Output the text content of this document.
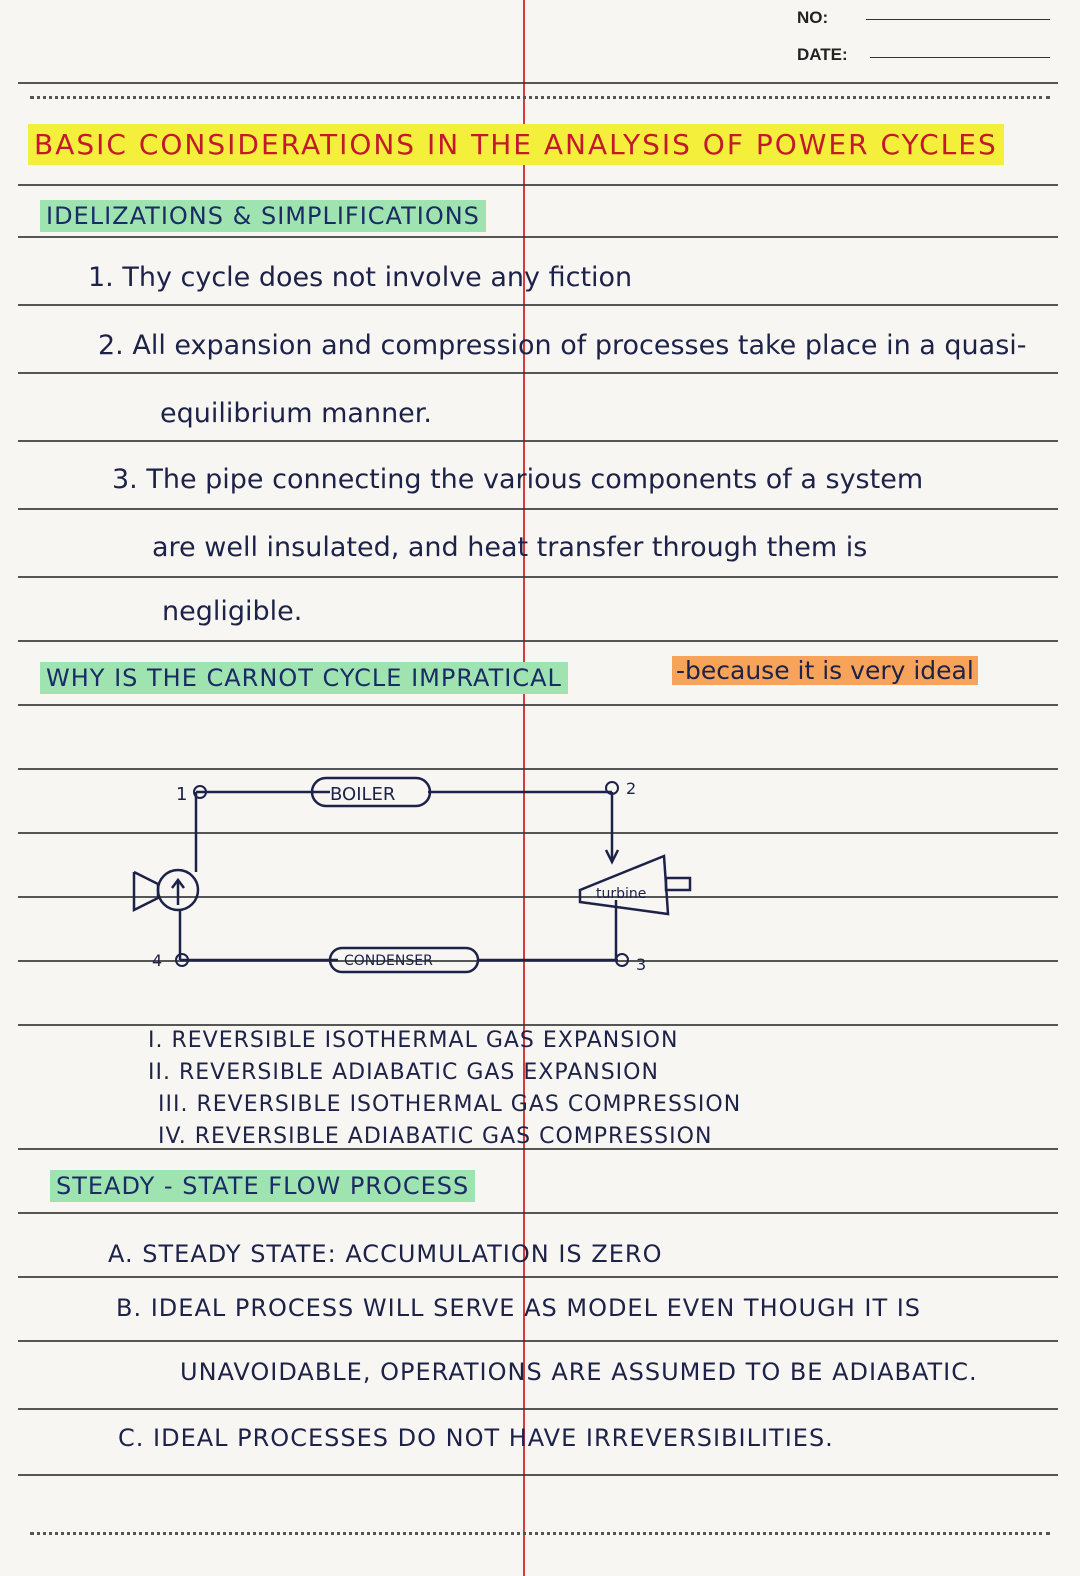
NO:
DATE:
BASIC CONSIDERATIONS IN THE ANALYSIS OF POWER CYCLES
IDELIZATIONS & SIMPLIFICATIONS
1. Thy cycle does not involve any fiction
2. All expansion and compression of processes take place in a quasi-
equilibrium manner.
3. The pipe connecting the various components of a system
are well insulated, and heat transfer through them is
negligible.
WHY IS THE CARNOT CYCLE IMPRATICAL	-because it is very ideal
BOILER
turbine
CONDENSER
1	2
3
4
I. REVERSIBLE ISOTHERMAL GAS EXPANSION
II. REVERSIBLE ADIABATIC GAS EXPANSION
III. REVERSIBLE ISOTHERMAL GAS COMPRESSION
IV. REVERSIBLE ADIABATIC GAS COMPRESSION
STEADY - STATE FLOW PROCESS
A. STEADY STATE: ACCUMULATION IS ZERO
B. IDEAL PROCESS WILL SERVE AS MODEL EVEN THOUGH IT IS
UNAVOIDABLE, OPERATIONS ARE ASSUMED TO BE ADIABATIC.
C. IDEAL PROCESSES DO NOT HAVE IRREVERSIBILITIES.
